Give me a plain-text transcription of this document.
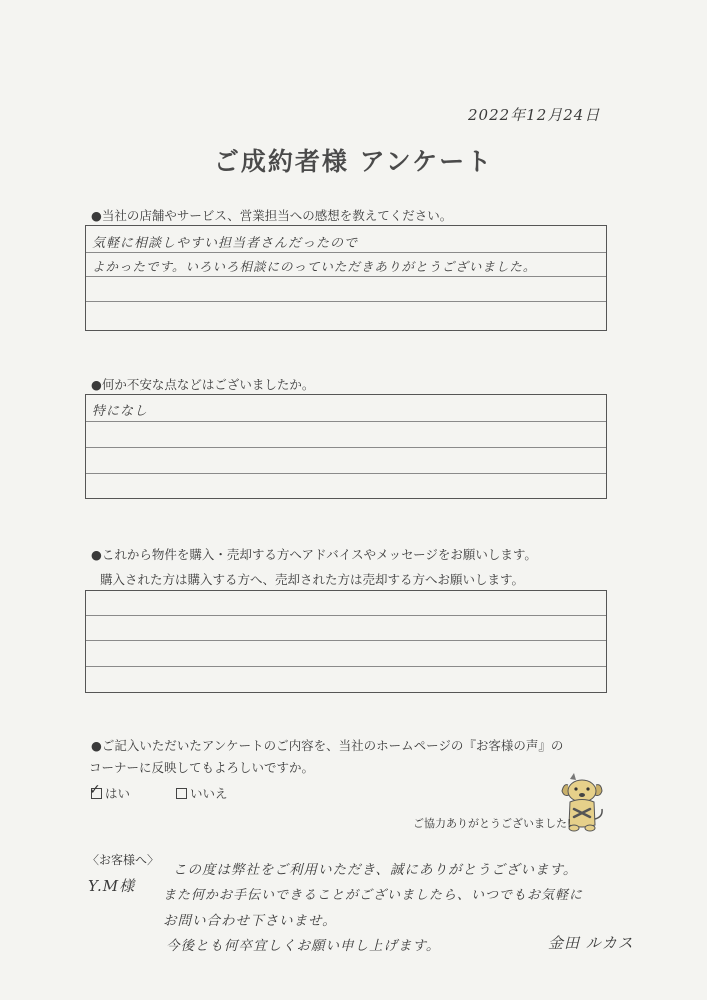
2022年12月24日
ご成約者様 アンケート
●当社の店舗やサービス、営業担当への感想を教えてください。
気軽に相談しやすい担当者さんだったので
よかったです。いろいろ相談にのっていただきありがとうございました。
●何か不安な点などはございましたか。
特になし
●これから物件を購入・売却する方へアドバイスやメッセージをお願いします。
購入された方は購入する方へ、売却された方は売却する方へお願いします。
●ご記入いただいたアンケートのご内容を、当社のホームページの『お客様の声』の
コーナーに反映してもよろしいですか。
✓ はい	いいえ
ご協力ありがとうございました!
〈お客様へ〉
Y.M様
この度は弊社をご利用いただき、誠にありがとうございます。
また何かお手伝いできることがございましたら、いつでもお気軽に
お問い合わせ下さいませ。
今後とも何卒宜しくお願い申し上げます。	金田 ルカス
